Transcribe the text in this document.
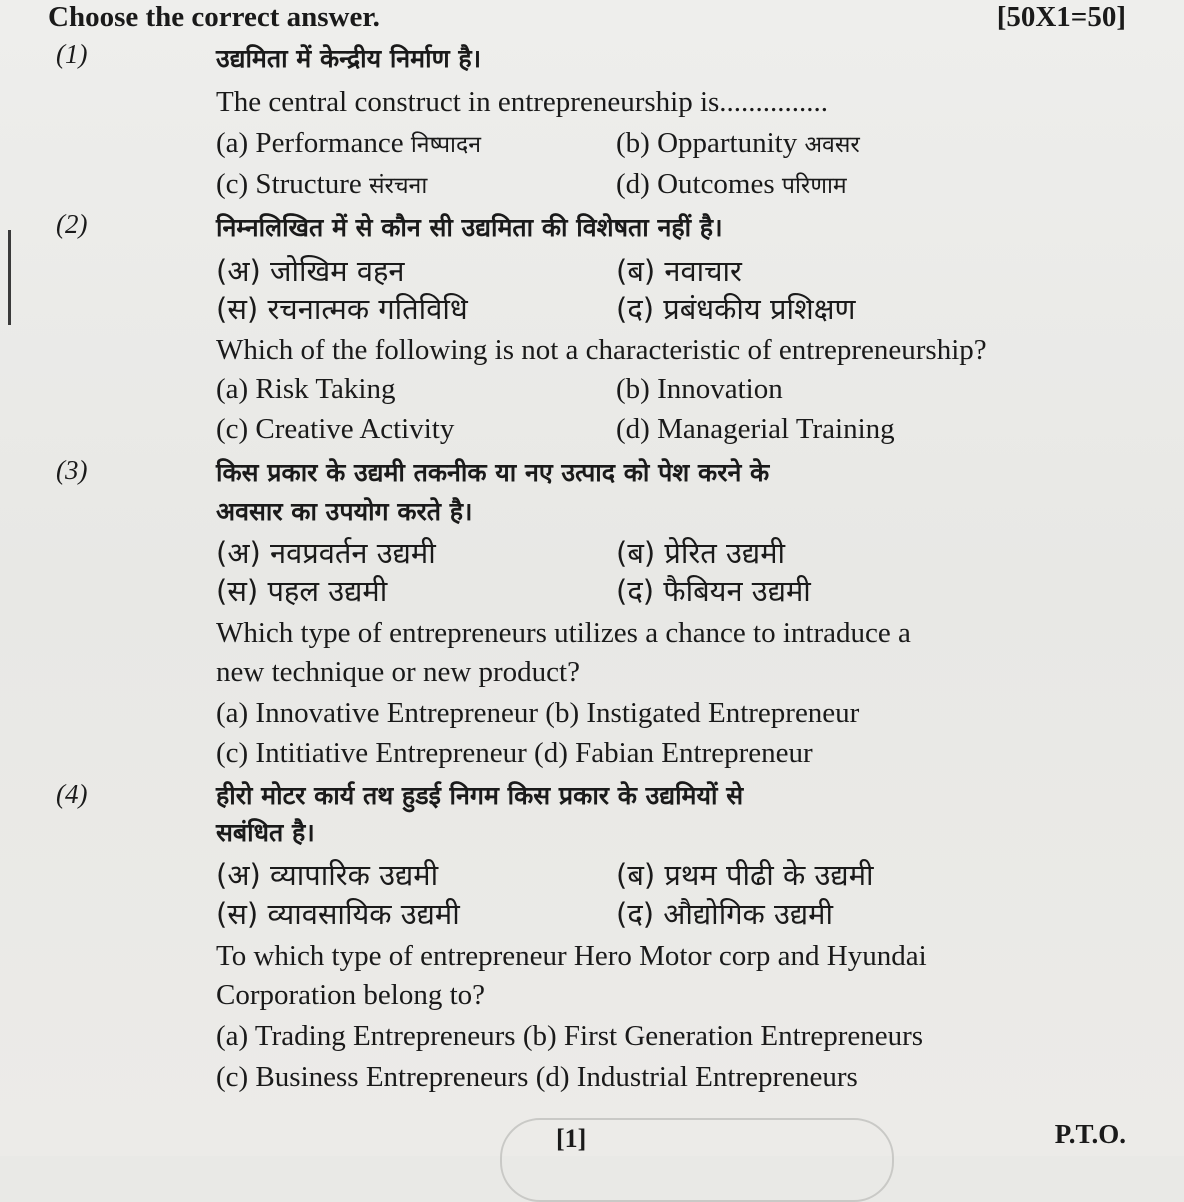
Choose the correct answer.	[50X1=50]
(1)	उद्यमिता में केन्द्रीय निर्माण है।
The central construct in entrepreneurship is...............
(a) Performance निष्पादन	(b) Oppartunity अवसर
(c) Structure संरचना	(d) Outcomes परिणाम
(2)	निम्नलिखित में से कौन सी उद्यमिता की विशेषता नहीं है।
(अ) जोखिम वहन	(ब) नवाचार
(स) रचनात्मक गतिविधि	(द) प्रबंधकीय प्रशिक्षण
Which of the following is not a characteristic of entrepreneurship?
(a) Risk Taking	(b) Innovation
(c) Creative Activity	(d) Managerial Training
(3)	किस प्रकार के उद्यमी तकनीक या नए उत्पाद को पेश करने के
अवसार का उपयोग करते है।
(अ) नवप्रवर्तन उद्यमी	(ब) प्रेरित उद्यमी
(स) पहल उद्यमी	(द) फैबियन उद्यमी
Which type of entrepreneurs utilizes a chance to intraduce a
new technique or new product?
(a) Innovative Entrepreneur (b) Instigated Entrepreneur
(c) Intitiative Entrepreneur (d) Fabian Entrepreneur
(4)	हीरो मोटर कार्य तथ हुडई निगम किस प्रकार के उद्यमियों से
सबंधित है।
(अ) व्यापारिक उद्यमी	(ब) प्रथम पीढी के उद्यमी
(स) व्यावसायिक उद्यमी	(द) औद्योगिक उद्यमी
To which type of entrepreneur Hero Motor corp and Hyundai
Corporation belong to?
(a) Trading Entrepreneurs (b) First Generation Entrepreneurs
(c) Business Entrepreneurs (d) Industrial Entrepreneurs
[1]	P.T.O.
